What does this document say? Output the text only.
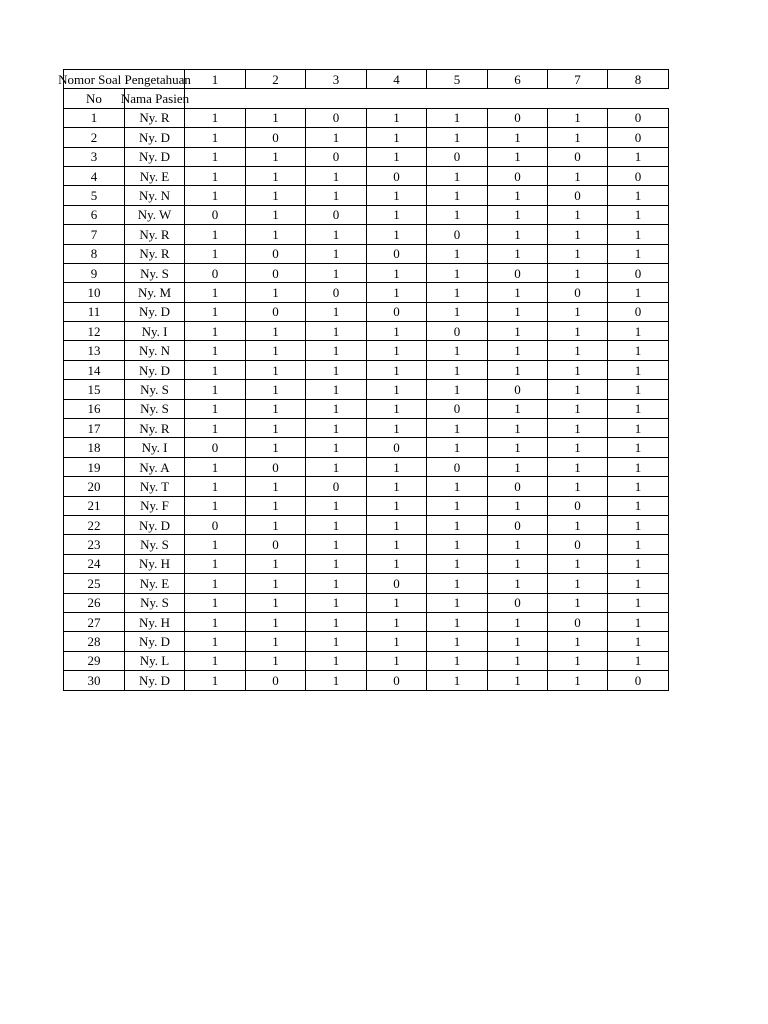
Nomor Soal Pengetahuan		1	2	3	4	5	6	7	8
No	Nama Pasien								

1	Ny. R	1	1	0	1	1	0	1	0
2	Ny. D	1	0	1	1	1	1	1	0
3	Ny. D	1	1	0	1	0	1	0	1
4	Ny. E	1	1	1	0	1	0	1	0
5	Ny. N	1	1	1	1	1	1	0	1
6	Ny. W	0	1	0	1	1	1	1	1
7	Ny. R	1	1	1	1	0	1	1	1
8	Ny. R	1	0	1	0	1	1	1	1
9	Ny. S	0	0	1	1	1	0	1	0
10	Ny. M	1	1	0	1	1	1	0	1
11	Ny. D	1	0	1	0	1	1	1	0
12	Ny. I	1	1	1	1	0	1	1	1
13	Ny. N	1	1	1	1	1	1	1	1
14	Ny. D	1	1	1	1	1	1	1	1
15	Ny. S	1	1	1	1	1	0	1	1
16	Ny. S	1	1	1	1	0	1	1	1
17	Ny. R	1	1	1	1	1	1	1	1
18	Ny. I	0	1	1	0	1	1	1	1
19	Ny. A	1	0	1	1	0	1	1	1
20	Ny. T	1	1	0	1	1	0	1	1
21	Ny. F	1	1	1	1	1	1	0	1
22	Ny. D	0	1	1	1	1	0	1	1
23	Ny. S	1	0	1	1	1	1	0	1
24	Ny. H	1	1	1	1	1	1	1	1
25	Ny. E	1	1	1	0	1	1	1	1
26	Ny. S	1	1	1	1	1	0	1	1
27	Ny. H	1	1	1	1	1	1	0	1
28	Ny. D	1	1	1	1	1	1	1	1
29	Ny. L	1	1	1	1	1	1	1	1
30	Ny. D	1	0	1	0	1	1	1	0
